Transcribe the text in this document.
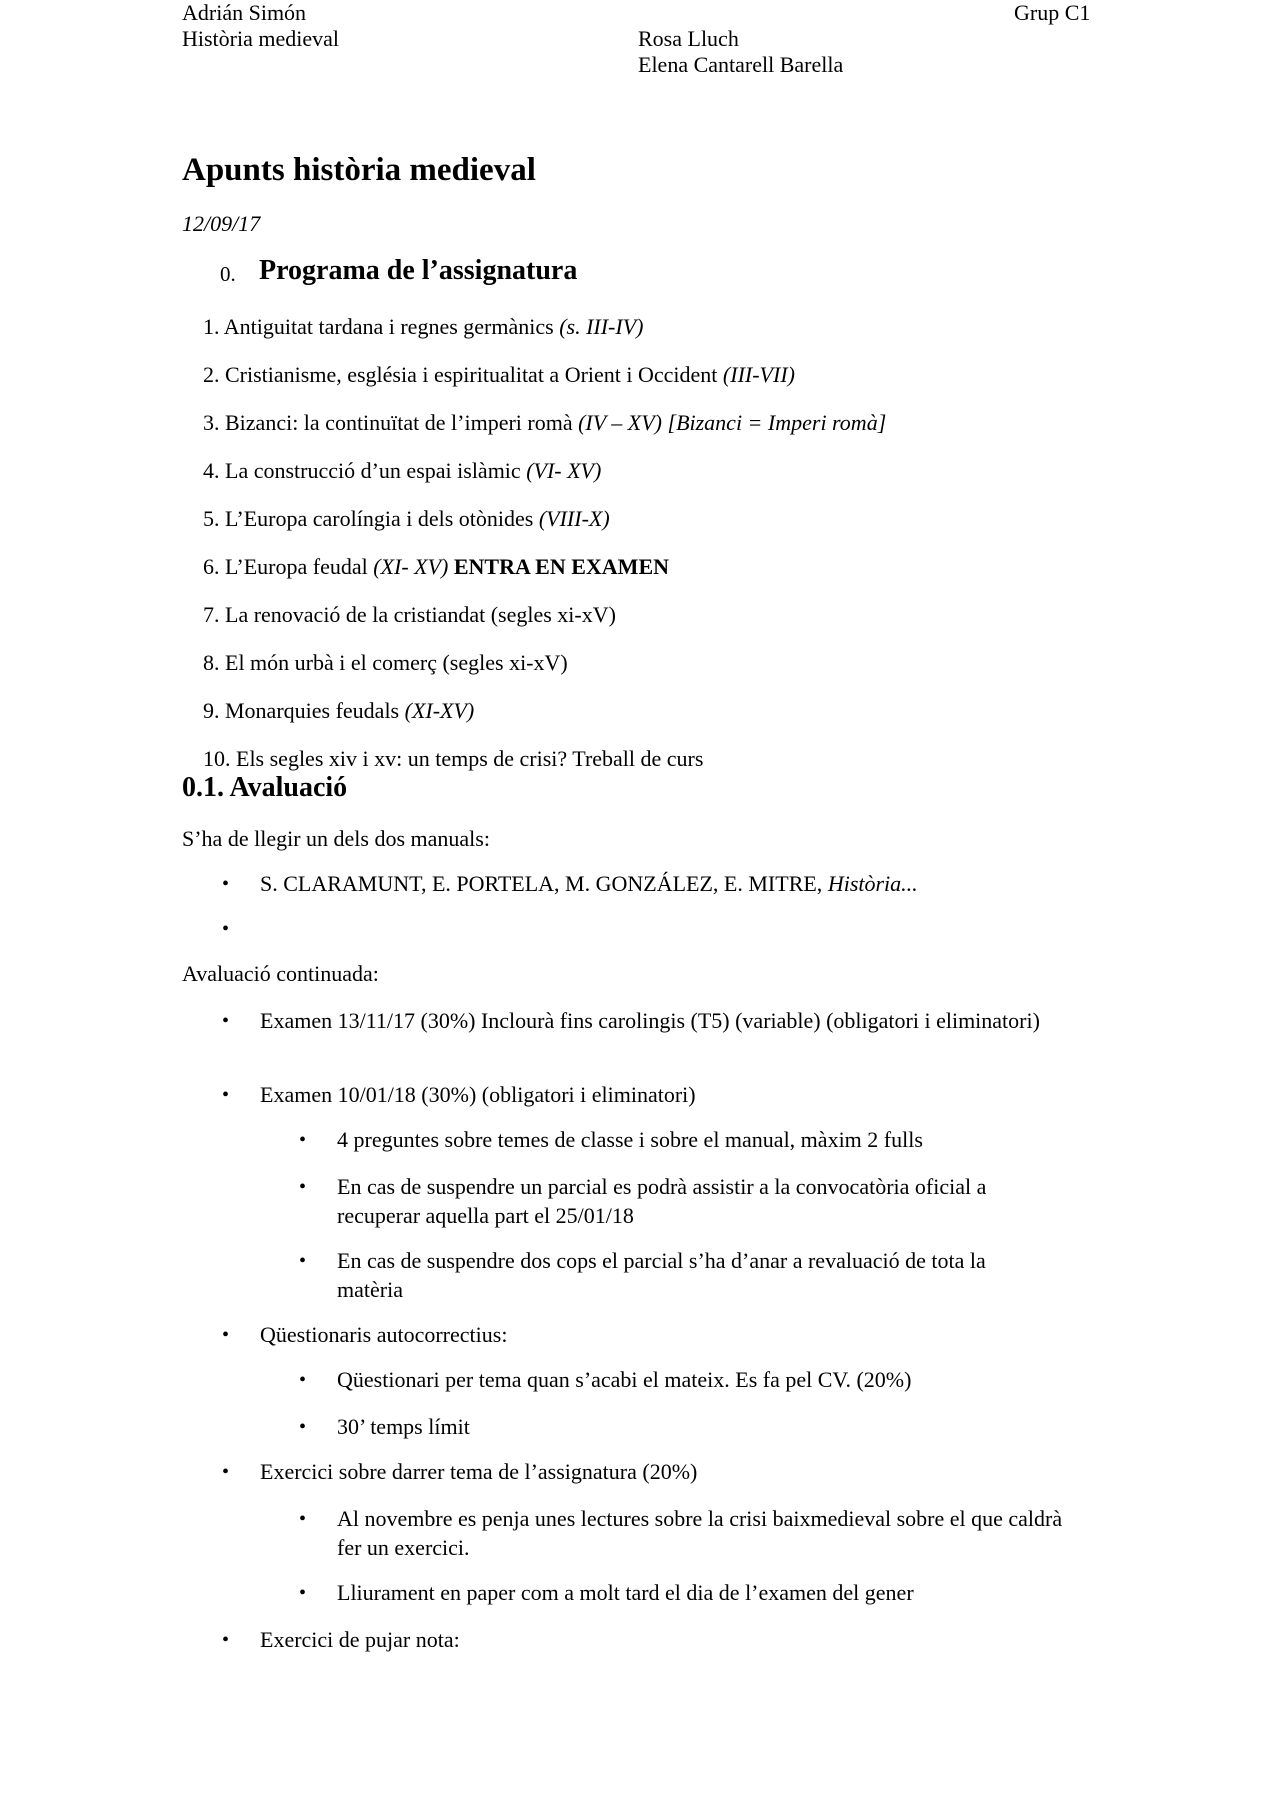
Adrián Simón	Grup C1
Història medieval	Rosa Lluch
Elena Cantarell Barella
Apunts història medieval
12/09/17
0. Programa de l’assignatura
1. Antiguitat tardana i regnes germànics (s. III-IV)
2. Cristianisme, església i espiritualitat a Orient i Occident (III-VII)
3. Bizanci: la continuïtat de l’imperi romà (IV – XV) [Bizanci = Imperi romà]
4. La construcció d’un espai islàmic (VI- XV)
5. L’Europa carolíngia i dels otònides (VIII-X)
6. L’Europa feudal (XI- XV) ENTRA EN EXAMEN
7. La renovació de la cristiandat (segles xi-xV)
8. El món urbà i el comerç (segles xi-xV)
9. Monarquies feudals (XI-XV)
10. Els segles xiv i xv: un temps de crisi? Treball de curs
0.1. Avaluació
S’ha de llegir un dels dos manuals:
• S. CLARAMUNT, E. PORTELA, M. GONZÁLEZ, E. MITRE, Història...
•
Avaluació continuada:
• Examen 13/11/17 (30%) Inclourà fins carolingis (T5) (variable) (obligatori i eliminatori)
• Examen 10/01/18 (30%) (obligatori i eliminatori)
• 4 preguntes sobre temes de classe i sobre el manual, màxim 2 fulls
• En cas de suspendre un parcial es podrà assistir a la convocatòria oficial a recuperar aquella part el 25/01/18
• En cas de suspendre dos cops el parcial s’ha d’anar a revaluació de tota la matèria
• Qüestionaris autocorrectius:
• Qüestionari per tema quan s’acabi el mateix. Es fa pel CV. (20%)
• 30’ temps límit
• Exercici sobre darrer tema de l’assignatura (20%)
• Al novembre es penja unes lectures sobre la crisi baixmedieval sobre el que caldrà fer un exercici.
• Lliurament en paper com a molt tard el dia de l’examen del gener
• Exercici de pujar nota:
